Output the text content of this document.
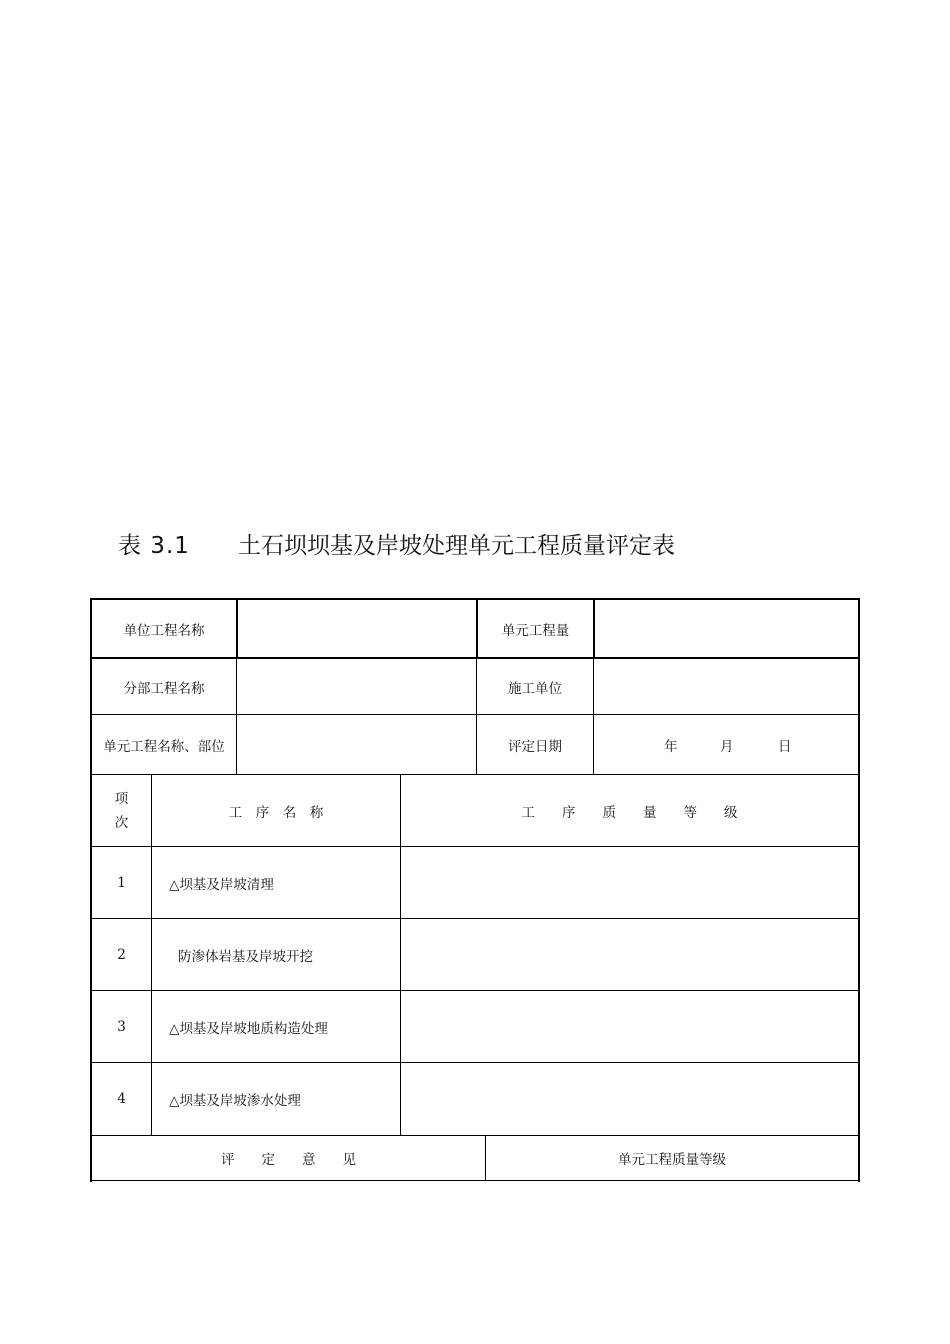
表 3.1 土石坝坝基及岸坡处理单元工程质量评定表
单位工程名称	单元工程量
分部工程名称	施工单位
单元工程名称、部位	评定日期	年	月	日
项
次
工　序　名　称	工　　序　　质　　量　　等　　级
1	△坝基及岸坡清理
2	防渗体岩基及岸坡开挖
3	△坝基及岸坡地质构造处理
4	△坝基及岸坡渗水处理
评　　定　　意　　见	单元工程质量等级
